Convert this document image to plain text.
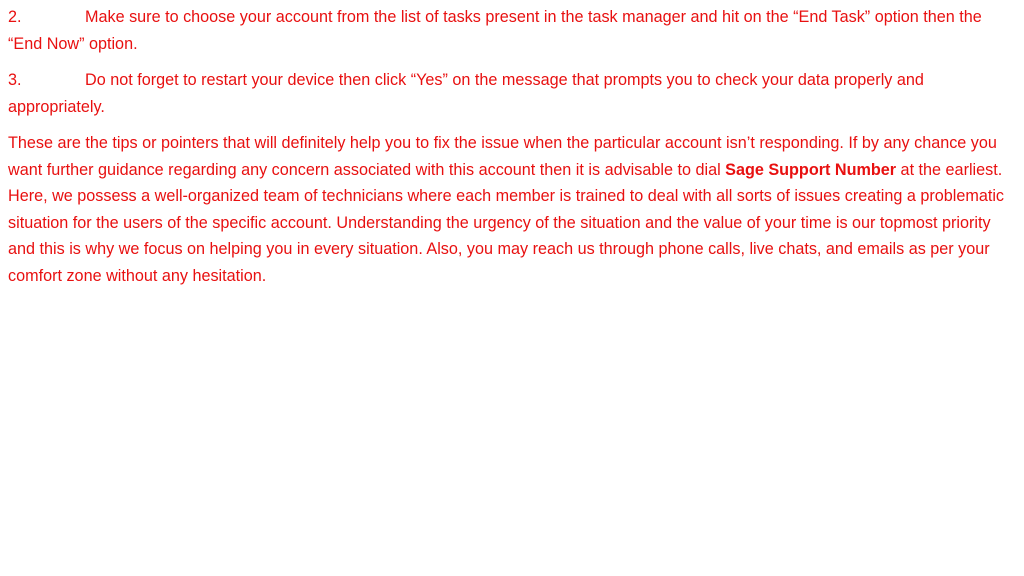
2.	Make sure to choose your account from the list of tasks present in the task manager and hit on the “End Task” option then the “End Now” option.

3.	Do not forget to restart your device then click “Yes” on the message that prompts you to check your data properly and appropriately.

These are the tips or pointers that will definitely help you to fix the issue when the particular account isn’t responding. If by any chance you want further guidance regarding any concern associated with this account then it is advisable to dial Sage Support Number at the earliest. Here, we possess a well-organized team of technicians where each member is trained to deal with all sorts of issues creating a problematic situation for the users of the specific account. Understanding the urgency of the situation and the value of your time is our topmost priority and this is why we focus on helping you in every situation. Also, you may reach us through phone calls, live chats, and emails as per your comfort zone without any hesitation.
